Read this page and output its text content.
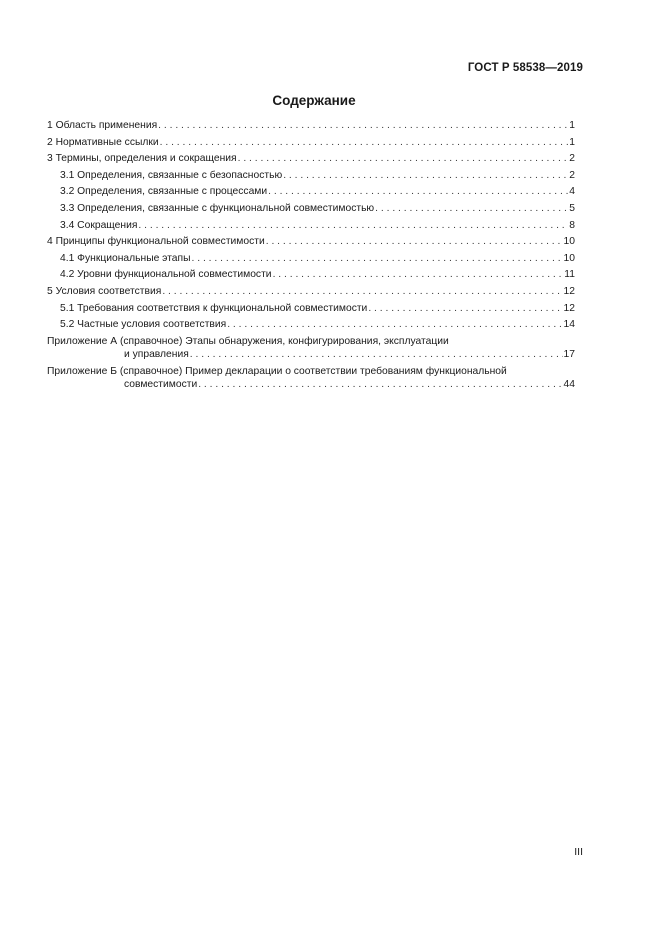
ГОСТ Р 58538—2019
Содержание
1 Область применения . . .	1
2 Нормативные ссылки . . .	1
3 Термины, определения и сокращения . . .	2
3.1 Определения, связанные с безопасностью . . .	2
3.2 Определения, связанные с процессами . . .	4
3.3 Определения, связанные с функциональной совместимостью . . .	5
3.4 Сокращения . . .	8
4 Принципы функциональной совместимости . . .	10
4.1 Функциональные этапы . . .	10
4.2 Уровни функциональной совместимости . . .	11
5 Условия соответствия . . .	12
5.1 Требования соответствия к функциональной совместимости . . .	12
5.2 Частные условия соответствия . . .	14
Приложение А (справочное) Этапы обнаружения, конфигурирования, эксплуатации
и управления . . .	17
Приложение Б (справочное) Пример декларации о соответствии требованиям функциональной
совместимости . . .	44
III
